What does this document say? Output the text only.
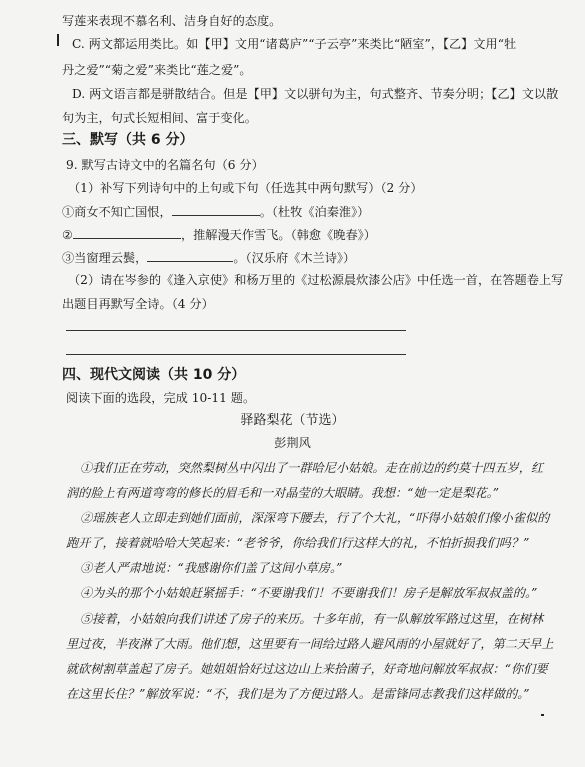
写莲来表现不慕名利、洁身自好的态度。
C. 两文都运用类比。如【甲】文用“诸葛庐”“子云亭”来类比“陋室”，【乙】文用“牡
丹之爱”“菊之爱”来类比“莲之爱”。
D. 两文语言都是骈散结合。但是【甲】文以骈句为主，句式整齐、节奏分明；【乙】文以散
句为主，句式长短相间、富于变化。
三、默写（共 6 分）
9. 默写古诗文中的名篇名句（6 分）
（1）补写下列诗句中的上句或下句（任选其中两句默写）（2 分）
①商女不知亡国恨，	。（杜牧《泊秦淮》）
②	，推解漫天作雪飞。（韩愈《晚春》）
③当窗理云鬓，	。（汉乐府《木兰诗》）
（2）请在岑参的《逢入京使》和杨万里的《过松源晨炊漆公店》中任选一首，在答题卷上写
出题目再默写全诗。（4 分）
四、现代文阅读（共 10 分）
阅读下面的选段，完成 10-11 题。
驿路梨花（节选）
彭荆风
①我们正在劳动，突然梨树丛中闪出了一群哈尼小姑娘。走在前边的约莫十四五岁，红
润的脸上有两道弯弯的修长的眉毛和一对晶莹的大眼睛。我想：“她一定是梨花。”
②瑶族老人立即走到她们面前，深深弯下腰去，行了个大礼，“吓得小姑娘们像小雀似的
跑开了，接着就哈哈大笑起来：“老爷爷，你给我们行这样大的礼，不怕折损我们吗？”
③老人严肃地说：“我感谢你们盖了这间小草房。”
④为头的那个小姑娘赶紧摇手：“不要谢我们！不要谢我们！房子是解放军叔叔盖的。”
⑤接着，小姑娘向我们讲述了房子的来历。十多年前，有一队解放军路过这里，在树林
里过夜，半夜淋了大雨。他们想，这里要有一间给过路人避风雨的小屋就好了，第二天早上
就砍树割草盖起了房子。她姐姐恰好过这边山上来拾菌子，好奇地问解放军叔叔：“你们要
在这里长住？”解放军说：“不，我们是为了方便过路人。是雷锋同志教我们这样做的。”
